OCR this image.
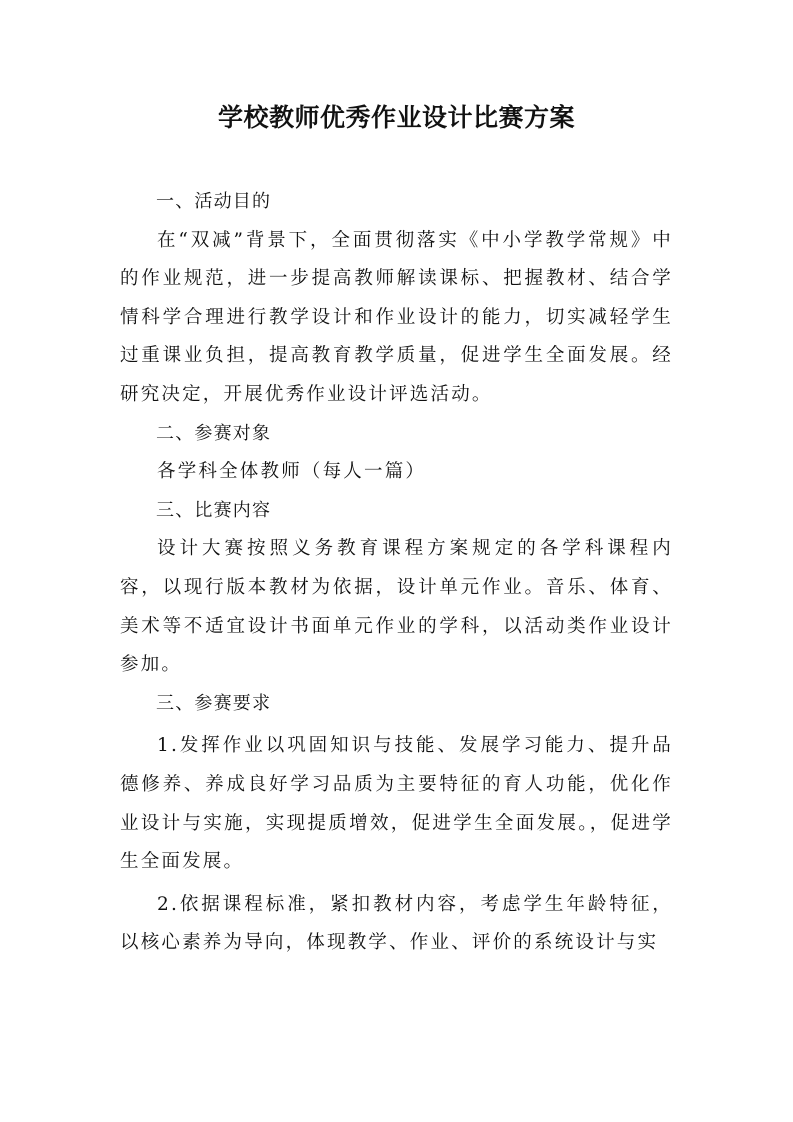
学校教师优秀作业设计比赛方案

一、活动目的

在“双减”背景下，全面贯彻落实《中小学教学常规》中的作业规范，进一步提高教师解读课标、把握教材、结合学情科学合理进行教学设计和作业设计的能力，切实减轻学生过重课业负担，提高教育教学质量，促进学生全面发展。经研究决定，开展优秀作业设计评选活动。

二、参赛对象

各学科全体教师（每人一篇）

三、比赛内容

设计大赛按照义务教育课程方案规定的各学科课程内容，以现行版本教材为依据，设计单元作业。音乐、体育、美术等不适宜设计书面单元作业的学科，以活动类作业设计参加。

三、参赛要求

1.发挥作业以巩固知识与技能、发展学习能力、提升品德修养、养成良好学习品质为主要特征的育人功能，优化作业设计与实施，实现提质增效，促进学生全面发展。，促进学生全面发展。

2.依据课程标准，紧扣教材内容，考虑学生年龄特征，以核心素养为导向，体现教学、作业、评价的系统设计与实
